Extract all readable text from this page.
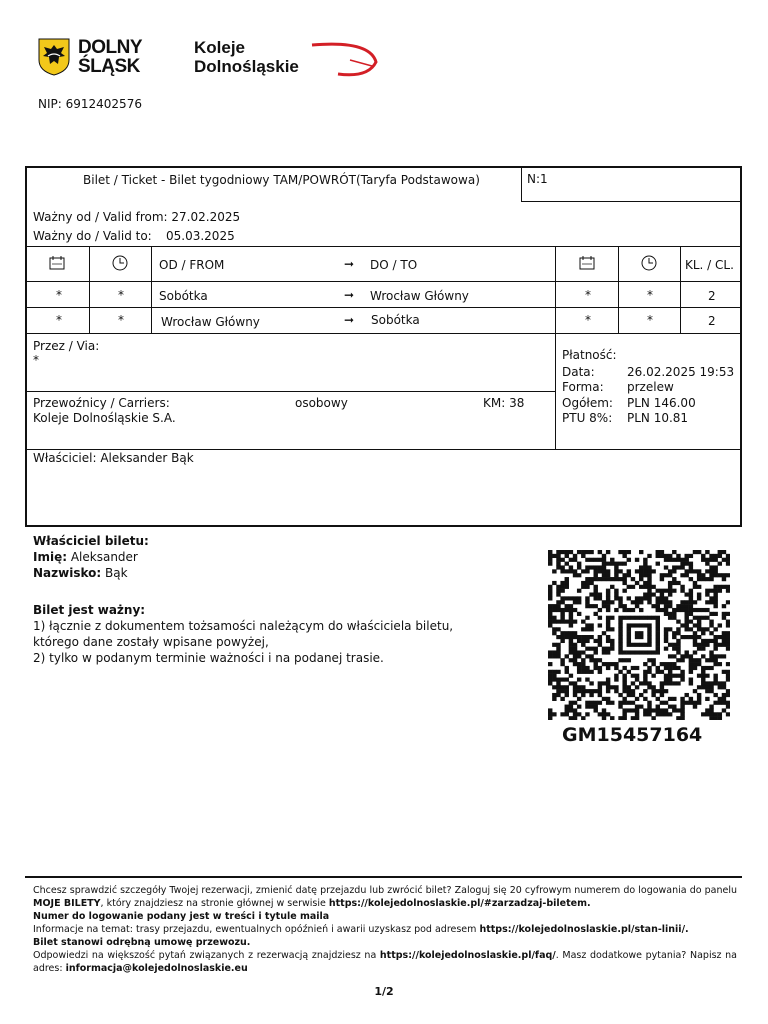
DOLNY
ŚLĄSK
Koleje
Dolnośląskie
NIP: 6912402576
Bilet / Ticket - Bilet tygodniowy TAM/POWRÓT(Taryfa Podstawowa)	N:1
Ważny od / Valid from: 27.02.2025
Ważny do / Valid to: 05.03.2025
OD / FROM	➞ DO / TO	KL. / CL.
*	*	Sobótka	➞ Wrocław Główny	*	*	2
*	*	Wrocław Główny	➞ Sobótka	*	*	2
Przez / Via:
*
Przewoźnicy / Carriers:
Koleje Dolnośląskie S.A.
osobowy	KM: 38
Płatność:
Data:	26.02.2025 19:53
Forma: przelew
Ogółem: PLN 146.00
PTU 8%: PLN 10.81
Właściciel: Aleksander Bąk
Właściciel biletu:
Imię: Aleksander
Nazwisko: Bąk
Bilet jest ważny:
1) łącznie z dokumentem tożsamości należącym do właściciela biletu,
którego dane zostały wpisane powyżej,
2) tylko w podanym terminie ważności i na podanej trasie.
GM15457164

Chcesz sprawdzić szczegóły Twojej rezerwacji, zmienić datę przejazdu lub zwrócić bilet? Zaloguj się 20 cyfrowym numerem do logowania do panelu MOJE BILETY, który znajdziesz na stronie głównej w serwisie https://kolejedolnoslaskie.pl/#zarzadzaj-biletem.

Numer do logowanie podany jest w treści i tytule maila

Informacje na temat: trasy przejazdu, ewentualnych opóźnień i awarii uzyskasz pod adresem https://kolejedolnoslaskie.pl/stan-linii/.

Bilet stanowi odrębną umowę przewozu.

Odpowiedzi na większość pytań związanych z rezerwacją znajdziesz na https://kolejedolnoslaskie.pl/faq/. Masz dodatkowe pytania? Napisz na adres: informacja@kolejedolnoslaskie.eu

1/2
